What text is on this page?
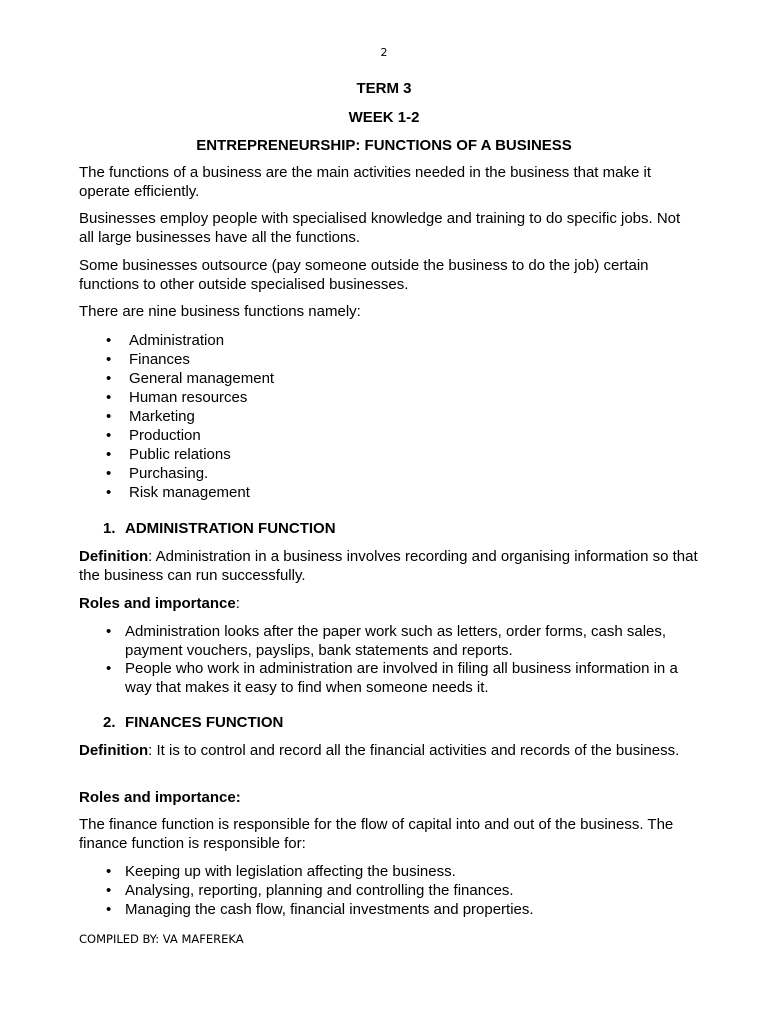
2
TERM 3
WEEK 1-2
ENTREPRENEURSHIP: FUNCTIONS OF A BUSINESS
The functions of a business are the main activities needed in the business that make it operate efficiently.
Businesses employ people with specialised knowledge and training to do specific jobs. Not all large businesses have all the functions.
Some businesses outsource (pay someone outside the business to do the job) certain functions to other outside specialised businesses.
There are nine business functions namely:
• Administration
• Finances
• General management
• Human resources
• Marketing
• Production
• Public relations
• Purchasing.
• Risk management
1. ADMINISTRATION FUNCTION
Definition: Administration in a business involves recording and organising information so that the business can run successfully.
Roles and importance:
• Administration looks after the paper work such as letters, order forms, cash sales, payment vouchers, payslips, bank statements and reports.
• People who work in administration are involved in filing all business information in a way that makes it easy to find when someone needs it.
2. FINANCES FUNCTION
Definition: It is to control and record all the financial activities and records of the business.
Roles and importance:
The finance function is responsible for the flow of capital into and out of the business. The finance function is responsible for:
• Keeping up with legislation affecting the business.
• Analysing, reporting, planning and controlling the finances.
• Managing the cash flow, financial investments and properties.
COMPILED BY: VA MAFEREKA
